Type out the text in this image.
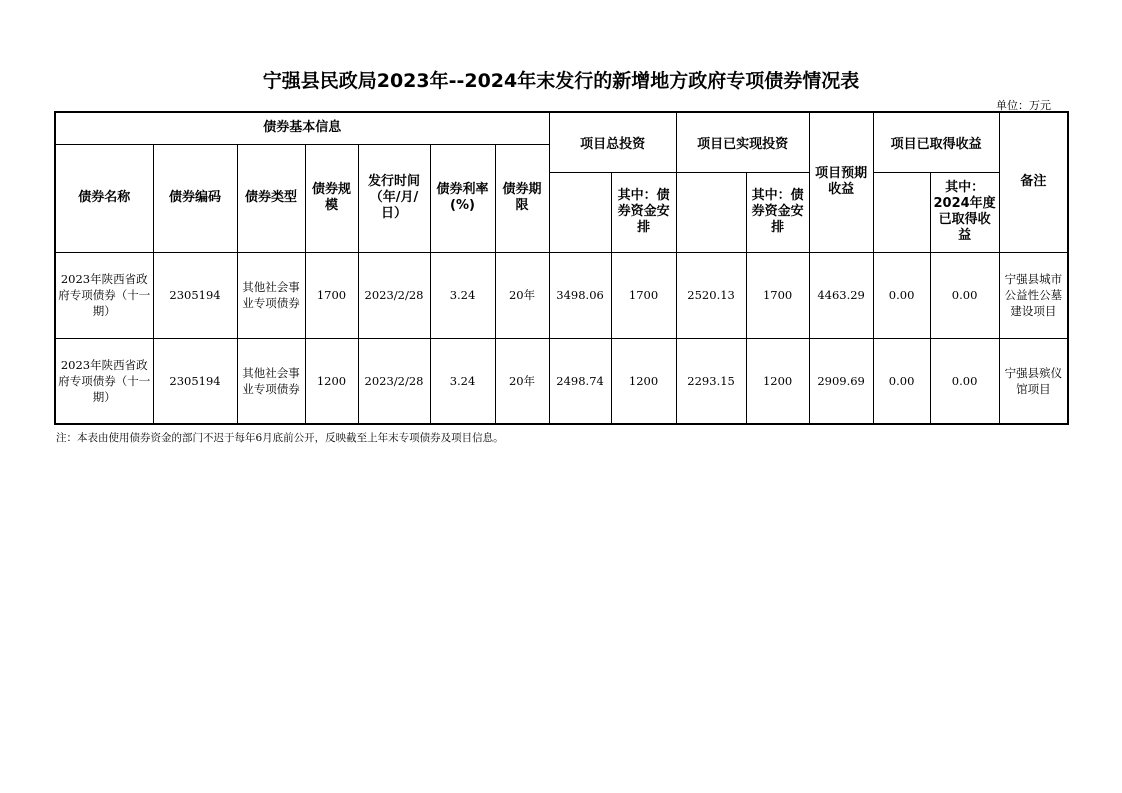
宁强县民政局2023年--2024年末发行的新增地方政府专项债券情况表
单位：万元
债券基本信息							项目总投资		项目已实现投资		项目预期收益	项目已取得收益		备注
债券名称	债券编码	债券类型	债券规模	发行时间（年/月/日）	债券利率(%)	债券期限								
								其中：债券资金安排		其中：债券资金安排			其中：2024年度已取得收益	
2023年陕西省政府专项债券（十一期）	2305194	其他社会事业专项债券	1700	2023/2/28	3.24	20年	3498.06	1700	2520.13	1700	4463.29	0.00	0.00	宁强县城市公益性公墓建设项目
2023年陕西省政府专项债券（十一期）	2305194	其他社会事业专项债券	1200	2023/2/28	3.24	20年	2498.74	1200	2293.15	1200	2909.69	0.00	0.00	宁强县殡仪馆项目
注：本表由使用债券资金的部门不迟于每年6月底前公开，反映截至上年末专项债券及项目信息。
